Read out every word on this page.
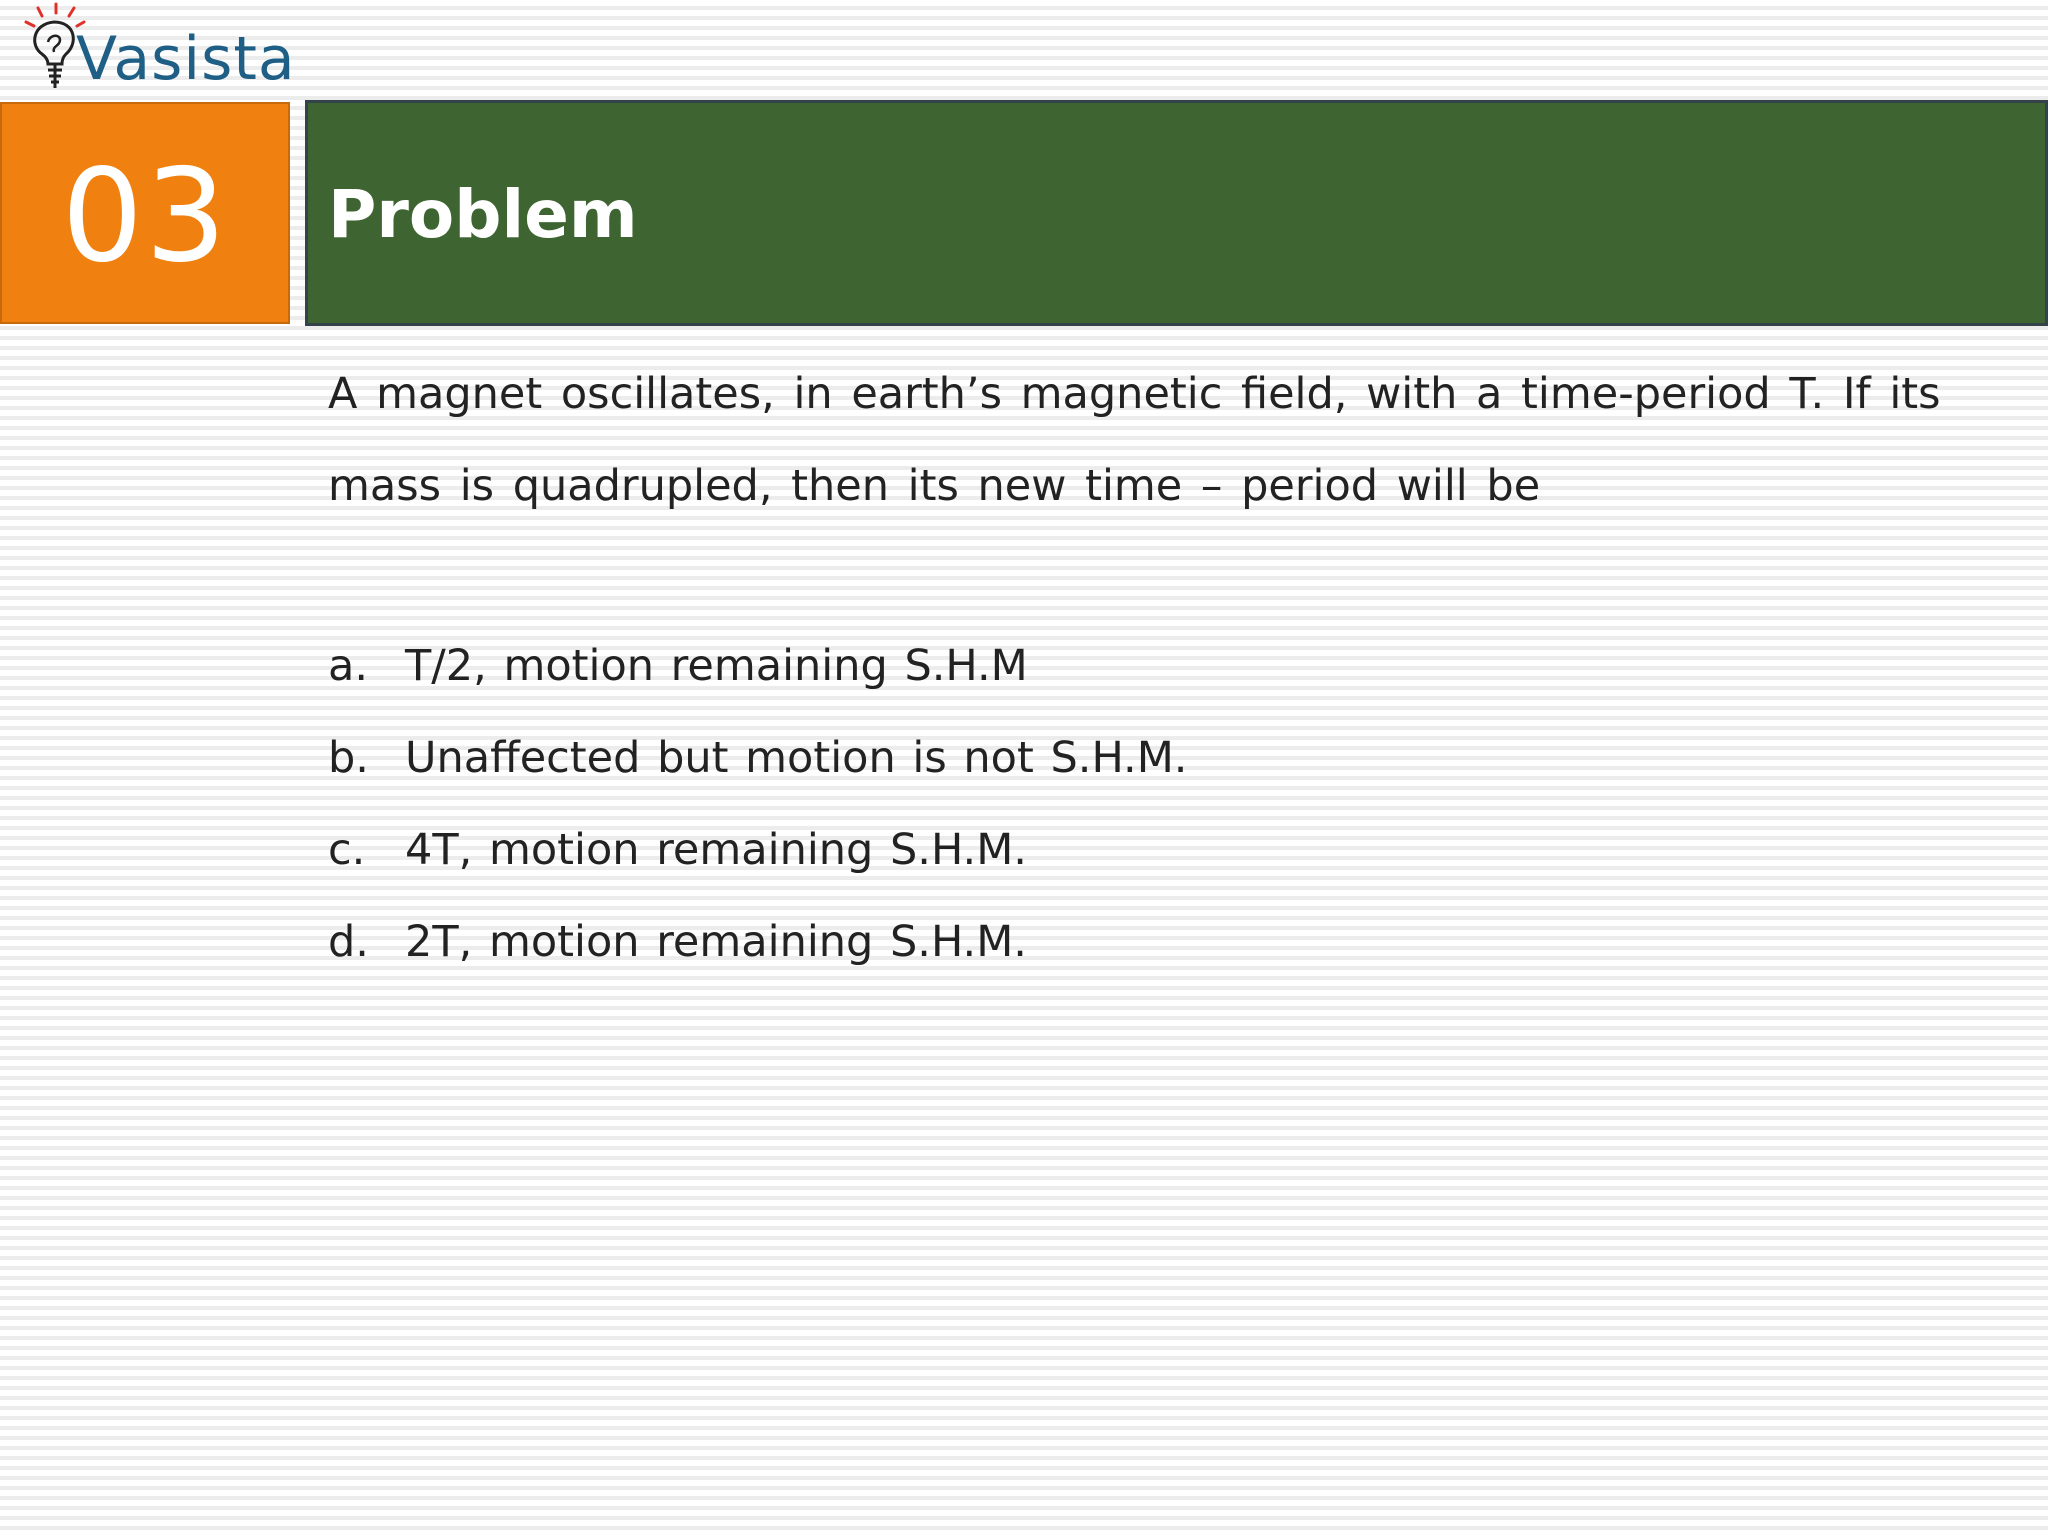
Vasista
03 Problem

A magnet oscillates, in earth’s magnetic field, with a time-period T. If its
mass is quadrupled, then its new time – period will be

a. T/2, motion remaining S.H.M
b. Unaffected but motion is not S.H.M.
c. 4T, motion remaining S.H.M.
d. 2T, motion remaining S.H.M.
